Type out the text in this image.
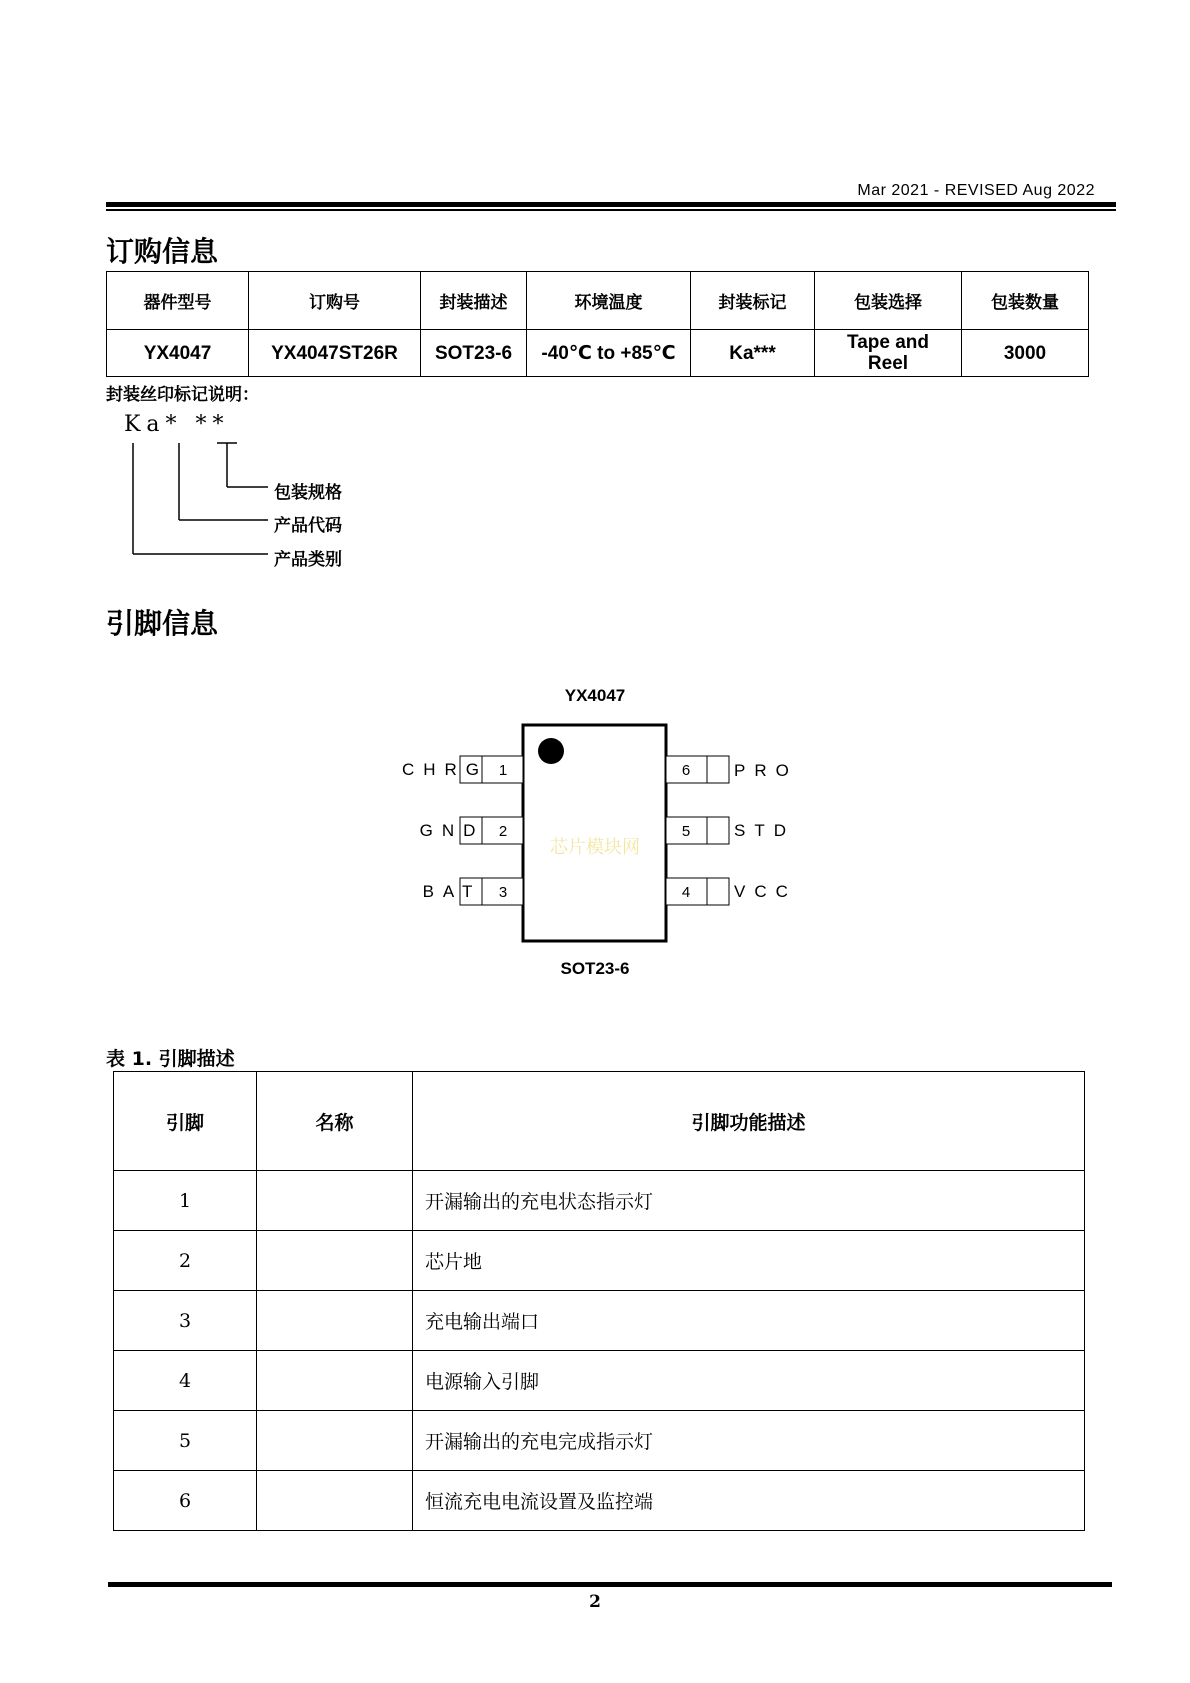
Mar 2021 - REVISED Aug 2022
订购信息
器件型号	订购号	封装描述	环境温度	封装标记	包装选择	包装数量
YX4047	YX4047ST26R	SOT23-6	-40℃ to +85℃	Ka***	Tape and Reel	3000
封装丝印标记说明：
Ka* **
包装规格
产品代码
产品类别
引脚信息
YX4047
芯片模块网
CHRG 1
GND 2
BAT 3
6	PRO
5	STD
4	VCC
SOT23-6
表 1. 引脚描述
引脚	名称	引脚功能描述
1		开漏输出的充电状态指示灯
2		芯片地
3		充电输出端口
4		电源输入引脚
5		开漏输出的充电完成指示灯
6		恒流充电电流设置及监控端
2
